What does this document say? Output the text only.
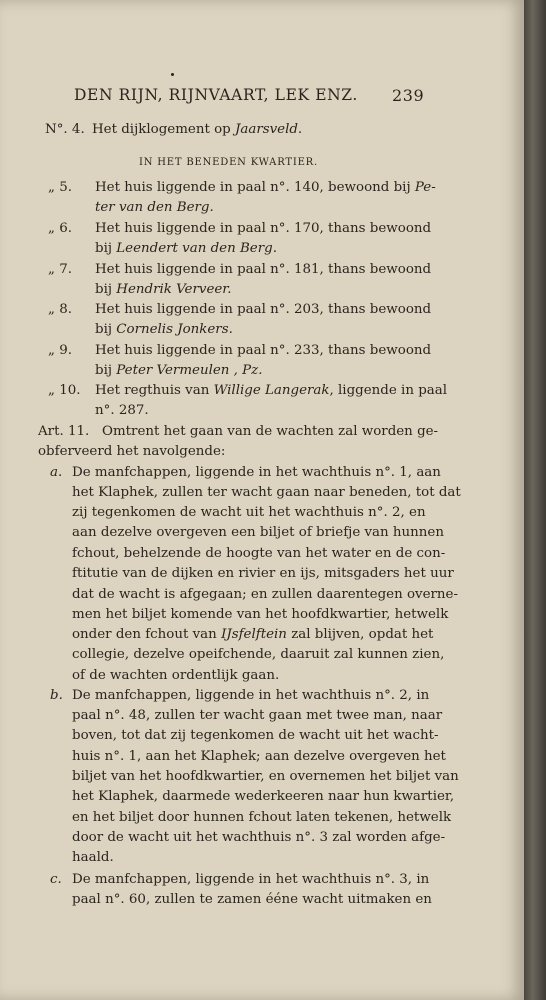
DEN RIJN, RIJNVAART, LEK ENZ. 239
N°. 4. Het dijklogement op Jaarsveld.
IN HET BENEDEN KWARTIER.
„ 5. Het huis liggende in paal n°. 140, bewoond bij Pe-
ter van den Berg.
„ 6. Het huis liggende in paal n°. 170, thans bewoond
bij Leendert van den Berg.
„ 7. Het huis liggende in paal n°. 181, thans bewoond
bij Hendrik Verveer.
„ 8. Het huis liggende in paal n°. 203, thans bewoond
bij Cornelis Jonkers.
„ 9. Het huis liggende in paal n°. 233, thans bewoond
bij Peter Vermeulen , Pz.
„ 10. Het regthuis van Willige Langerak, liggende in paal
n°. 287.
Art. 11. Omtrent het gaan van de wachten zal worden ge-
obferveerd het navolgende:
a. De manfchappen, liggende in het wachthuis n°. 1, aan
het Klaphek, zullen ter wacht gaan naar beneden, tot dat
zij tegenkomen de wacht uit het wachthuis n°. 2, en
aan dezelve overgeven een biljet of briefje van hunnen
fchout, behelzende de hoogte van het water en de con-
ftitutie van de dijken en rivier en ijs, mitsgaders het uur
dat de wacht is afgegaan; en zullen daarentegen overne-
men het biljet komende van het hoofdkwartier, hetwelk
onder den fchout van IJsfelftein zal blijven, opdat het
collegie, dezelve opeifchende, daaruit zal kunnen zien,
of de wachten ordentlijk gaan.
b. De manfchappen, liggende in het wachthuis n°. 2, in
paal n°. 48, zullen ter wacht gaan met twee man, naar
boven, tot dat zij tegenkomen de wacht uit het wacht-
huis n°. 1, aan het Klaphek; aan dezelve overgeven het
biljet van het hoofdkwartier, en overnemen het biljet van
het Klaphek, daarmede wederkeeren naar hun kwartier,
en het biljet door hunnen fchout laten tekenen, hetwelk
door de wacht uit het wachthuis n°. 3 zal worden afge-
haald.
c. De manfchappen, liggende in het wachthuis n°. 3, in
paal n°. 60, zullen te zamen ééne wacht uitmaken en
